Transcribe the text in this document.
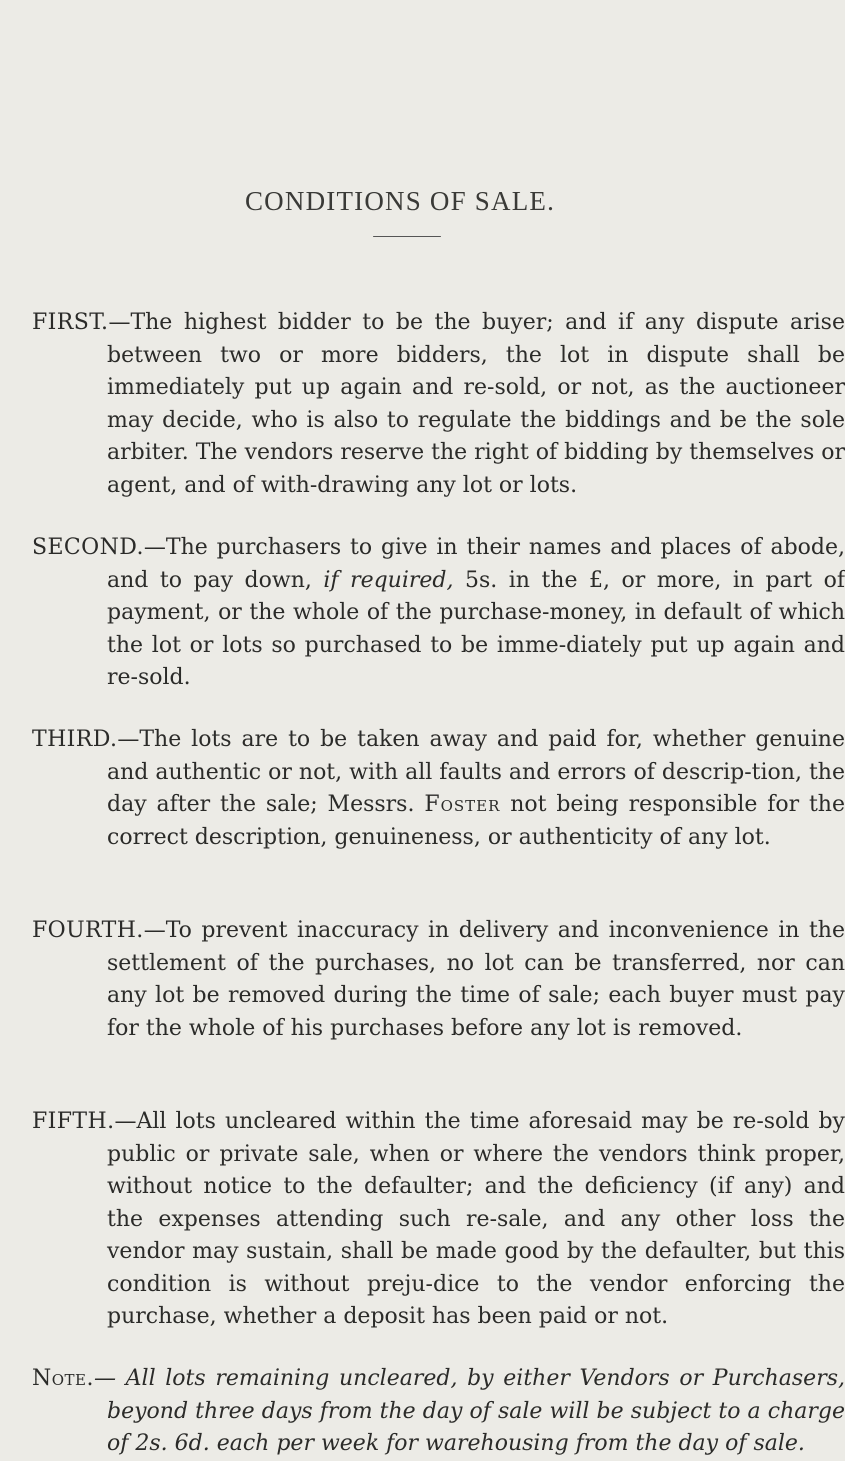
CONDITIONS OF SALE.

FIRST.—The highest bidder to be the buyer; and if any dispute arise between two or more bidders, the lot in dispute shall be immediately put up again and re-sold, or not, as the auctioneer may decide, who is also to regulate the biddings and be the sole arbiter. The vendors reserve the right of bidding by themselves or agent, and of with-drawing any lot or lots.

SECOND.—The purchasers to give in their names and places of abode, and to pay down, if required, 5s. in the £, or more, in part of payment, or the whole of the purchase-money, in default of which the lot or lots so purchased to be imme-diately put up again and re-sold.

THIRD.—The lots are to be taken away and paid for, whether genuine and authentic or not, with all faults and errors of descrip-tion, the day after the sale; Messrs. Foster not being responsible for the correct description, genuineness, or authenticity of any lot.

FOURTH.—To prevent inaccuracy in delivery and inconvenience in the settlement of the purchases, no lot can be transferred, nor can any lot be removed during the time of sale; each buyer must pay for the whole of his purchases before any lot is removed.

FIFTH.—All lots uncleared within the time aforesaid may be re-sold by public or private sale, when or where the vendors think proper, without notice to the defaulter; and the deficiency (if any) and the expenses attending such re-sale, and any other loss the vendor may sustain, shall be made good by the defaulter, but this condition is without preju-dice to the vendor enforcing the purchase, whether a deposit has been paid or not.

Note.— All lots remaining uncleared, by either Vendors or Purchasers, beyond three days from the day of sale will be subject to a charge of 2s. 6d. each per week for warehousing from the day of sale.
